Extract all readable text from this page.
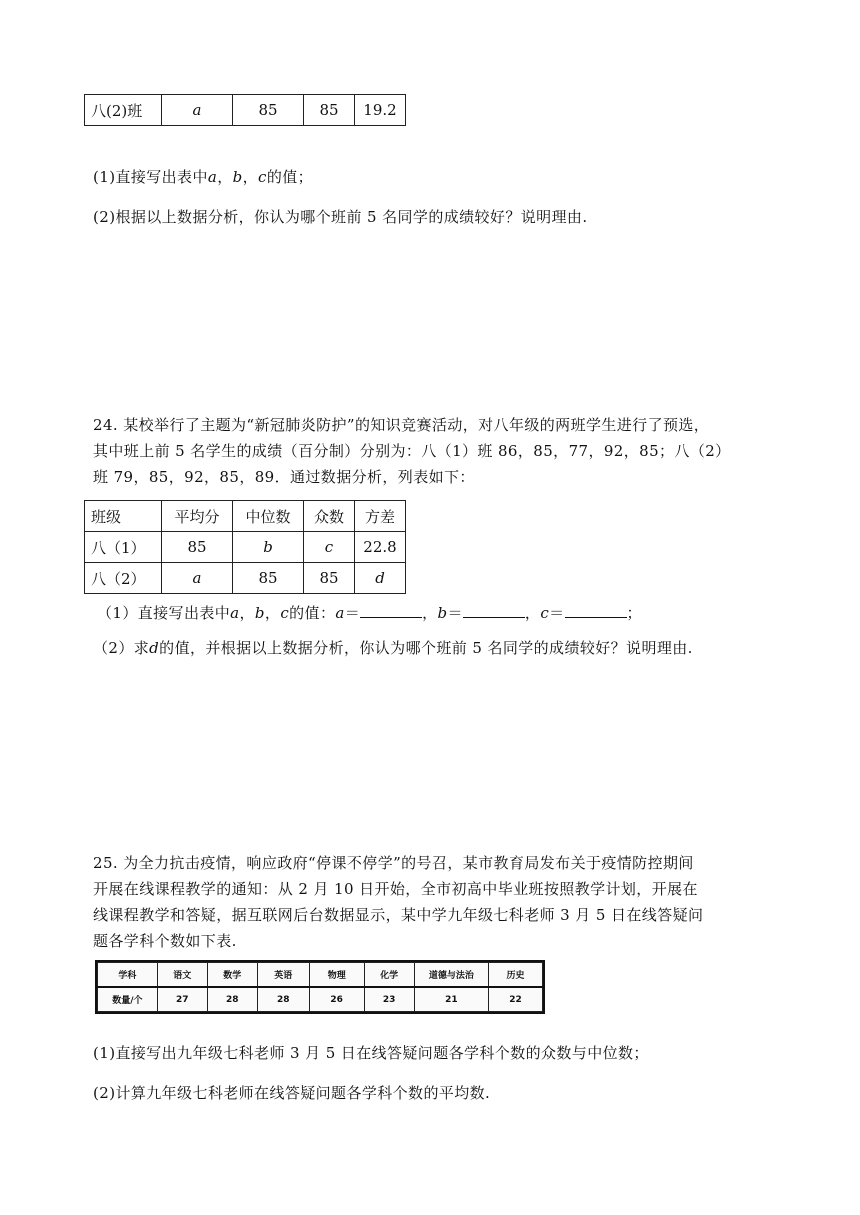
八(2)班	a	85	85	19.2
(1)直接写出表中a，b，c的值；
(2)根据以上数据分析，你认为哪个班前 5 名同学的成绩较好？说明理由.
24. 某校举行了主题为“新冠肺炎防护”的知识竞赛活动，对八年级的两班学生进行了预选，
其中班上前 5 名学生的成绩（百分制）分别为：八（1）班 86，85，77，92，85；八（2）
班 79，85，92，85，89．通过数据分析，列表如下：
班级	平均分	中位数	众数	方差
八（1）	85	b	c	22.8
八（2）	a	85	85	d
（1）直接写出表中a，b，c的值：a＝	，b＝	，c＝	；
（2）求d的值，并根据以上数据分析，你认为哪个班前 5 名同学的成绩较好？说明理由.
25. 为全力抗击疫情，响应政府“停课不停学”的号召，某市教育局发布关于疫情防控期间
开展在线课程教学的通知：从 2 月 10 日开始，全市初高中毕业班按照教学计划，开展在
线课程教学和答疑，据互联网后台数据显示，某中学九年级七科老师 3 月 5 日在线答疑问
题各学科个数如下表.
学科	语文	数学	英语	物理	化学	道德与法治	历史
数量/个	27	28	28	26	23	21	22
(1)直接写出九年级七科老师 3 月 5 日在线答疑问题各学科个数的众数与中位数；
(2)计算九年级七科老师在线答疑问题各学科个数的平均数.
